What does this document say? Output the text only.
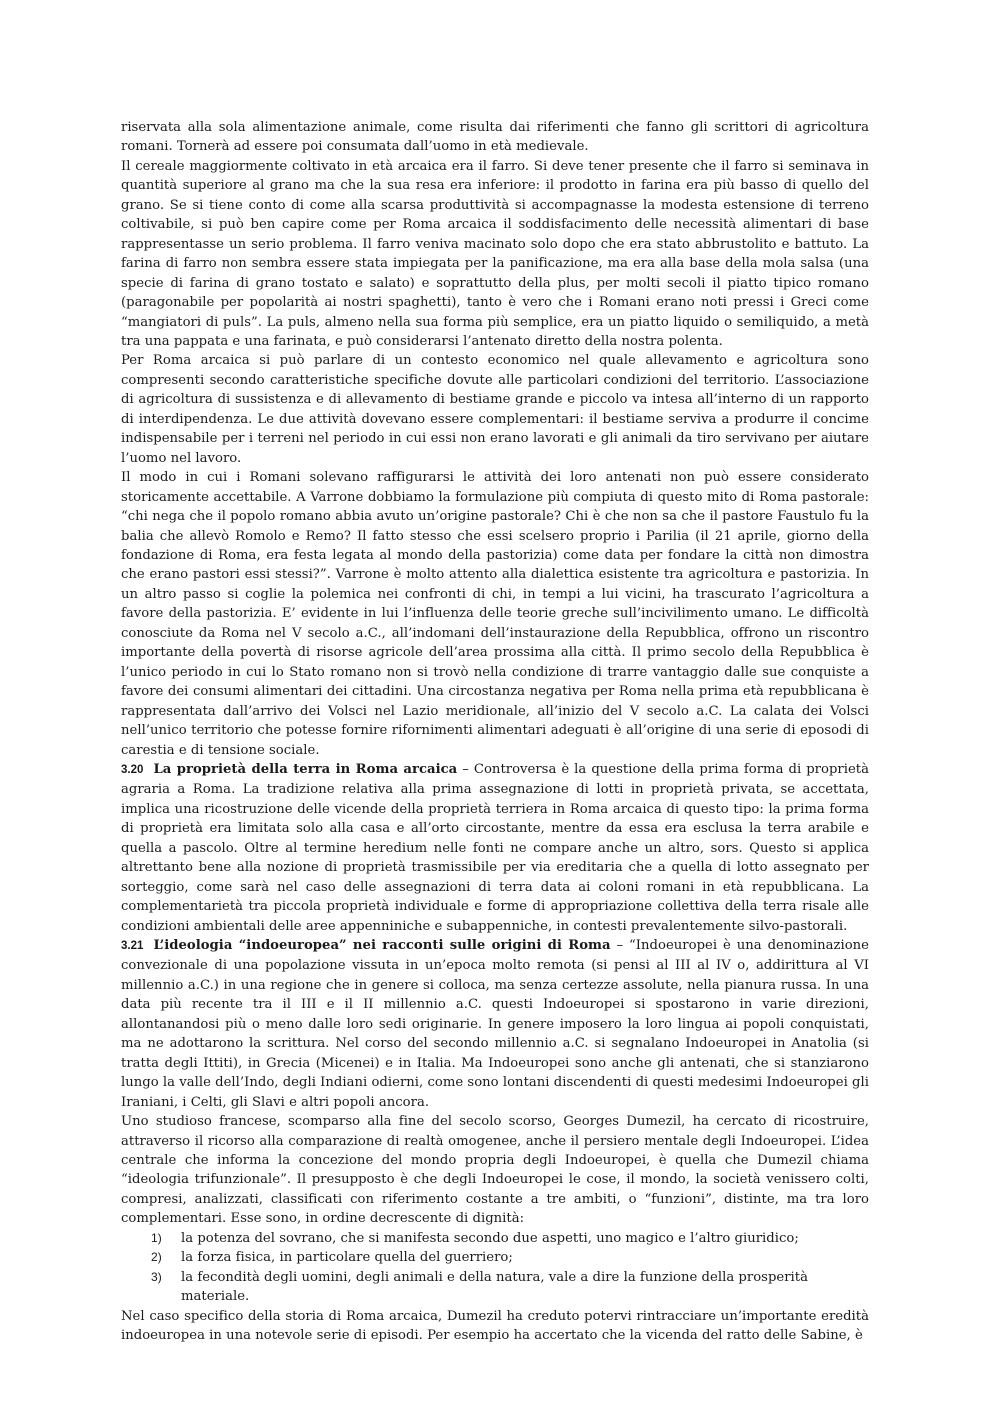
riservata alla sola alimentazione animale, come risulta dai riferimenti che fanno gli scrittori di agricoltura romani. Tornerà ad essere poi consumata dall’uomo in età medievale.

Il cereale maggiormente coltivato in età arcaica era il farro. Si deve tener presente che il farro si seminava in quantità superiore al grano ma che la sua resa era inferiore: il prodotto in farina era più basso di quello del grano. Se si tiene conto di come alla scarsa produttività si accompagnasse la modesta estensione di terreno coltivabile, si può ben capire come per Roma arcaica il soddisfacimento delle necessità alimentari di base rappresentasse un serio problema. Il farro veniva macinato solo dopo che era stato abbrustolito e battuto. La farina di farro non sembra essere stata impiegata per la panificazione, ma era alla base della mola salsa (una specie di farina di grano tostato e salato) e soprattutto della plus, per molti secoli il piatto tipico romano (paragonabile per popolarità ai nostri spaghetti), tanto è vero che i Romani erano noti pressi i Greci come “mangiatori di puls”. La puls, almeno nella sua forma più semplice, era un piatto liquido o semiliquido, a metà tra una pappata e una farinata, e può considerarsi l’antenato diretto della nostra polenta.

Per Roma arcaica si può parlare di un contesto economico nel quale allevamento e agricoltura sono compresenti secondo caratteristiche specifiche dovute alle particolari condizioni del territorio. L’associazione di agricoltura di sussistenza e di allevamento di bestiame grande e piccolo va intesa all’interno di un rapporto di interdipendenza. Le due attività dovevano essere complementari: il bestiame serviva a produrre il concime indispensabile per i terreni nel periodo in cui essi non erano lavorati e gli animali da tiro servivano per aiutare l’uomo nel lavoro.

Il modo in cui i Romani solevano raffigurarsi le attività dei loro antenati non può essere considerato storicamente accettabile. A Varrone dobbiamo la formulazione più compiuta di questo mito di Roma pastorale: “chi nega che il popolo romano abbia avuto un’origine pastorale? Chi è che non sa che il pastore Faustulo fu la balia che allevò Romolo e Remo? Il fatto stesso che essi scelsero proprio i Parilia (il 21 aprile, giorno della fondazione di Roma, era festa legata al mondo della pastorizia) come data per fondare la città non dimostra che erano pastori essi stessi?”. Varrone è molto attento alla dialettica esistente tra agricoltura e pastorizia. In un altro passo si coglie la polemica nei confronti di chi, in tempi a lui vicini, ha trascurato l’agricoltura a favore della pastorizia. E’ evidente in lui l’influenza delle teorie greche sull’incivilimento umano. Le difficoltà conosciute da Roma nel V secolo a.C., all’indomani dell’instaurazione della Repubblica, offrono un riscontro importante della povertà di risorse agricole dell’area prossima alla città. Il primo secolo della Repubblica è l’unico periodo in cui lo Stato romano non si trovò nella condizione di trarre vantaggio dalle sue conquiste a favore dei consumi alimentari dei cittadini. Una circostanza negativa per Roma nella prima età repubblicana è rappresentata dall’arrivo dei Volsci nel Lazio meridionale, all’inizio del V secolo a.C. La calata dei Volsci nell’unico territorio che potesse fornire rifornimenti alimentari adeguati è all’origine di una serie di eposodi di carestia e di tensione sociale.

3.20 La proprietà della terra in Roma arcaica – Controversa è la questione della prima forma di proprietà agraria a Roma. La tradizione relativa alla prima assegnazione di lotti in proprietà privata, se accettata, implica una ricostruzione delle vicende della proprietà terriera in Roma arcaica di questo tipo: la prima forma di proprietà era limitata solo alla casa e all’orto circostante, mentre da essa era esclusa la terra arabile e quella a pascolo. Oltre al termine heredium nelle fonti ne compare anche un altro, sors. Questo si applica altrettanto bene alla nozione di proprietà trasmissibile per via ereditaria che a quella di lotto assegnato per sorteggio, come sarà nel caso delle assegnazioni di terra data ai coloni romani in età repubblicana. La complementarietà tra piccola proprietà individuale e forme di appropriazione collettiva della terra risale alle condizioni ambientali delle aree appenniniche e subappenniche, in contesti prevalentemente silvo-pastorali.

3.21 L’ideologia “indoeuropea” nei racconti sulle origini di Roma – “Indoeuropei è una denominazione convezionale di una popolazione vissuta in un’epoca molto remota (si pensi al III al IV o, addirittura al VI millennio a.C.) in una regione che in genere si colloca, ma senza certezze assolute, nella pianura russa. In una data più recente tra il III e il II millennio a.C. questi Indoeuropei si spostarono in varie direzioni, allontanandosi più o meno dalle loro sedi originarie. In genere imposero la loro lingua ai popoli conquistati, ma ne adottarono la scrittura. Nel corso del secondo millennio a.C. si segnalano Indoeuropei in Anatolia (si tratta degli Ittiti), in Grecia (Micenei) e in Italia. Ma Indoeuropei sono anche gli antenati, che si stanziarono lungo la valle dell’Indo, degli Indiani odierni, come sono lontani discendenti di questi medesimi Indoeuropei gli Iraniani, i Celti, gli Slavi e altri popoli ancora.

Uno studioso francese, scomparso alla fine del secolo scorso, Georges Dumezil, ha cercato di ricostruire, attraverso il ricorso alla comparazione di realtà omogenee, anche il persiero mentale degli Indoeuropei. L’idea centrale che informa la concezione del mondo propria degli Indoeuropei, è quella che Dumezil chiama “ideologia trifunzionale”. Il presupposto è che degli Indoeuropei le cose, il mondo, la società venissero colti, compresi, analizzati, classificati con riferimento costante a tre ambiti, o “funzioni”, distinte, ma tra loro complementari. Esse sono, in ordine decrescente di dignità:

1)	la potenza del sovrano, che si manifesta secondo due aspetti, uno magico e l’altro giuridico;
2)	la forza fisica, in particolare quella del guerriero;
3)	la fecondità degli uomini, degli animali e della natura, vale a dire la funzione della prosperità materiale.

Nel caso specifico della storia di Roma arcaica, Dumezil ha creduto potervi rintracciare un’importante eredità indoeuropea in una notevole serie di episodi. Per esempio ha accertato che la vicenda del ratto delle Sabine, è
